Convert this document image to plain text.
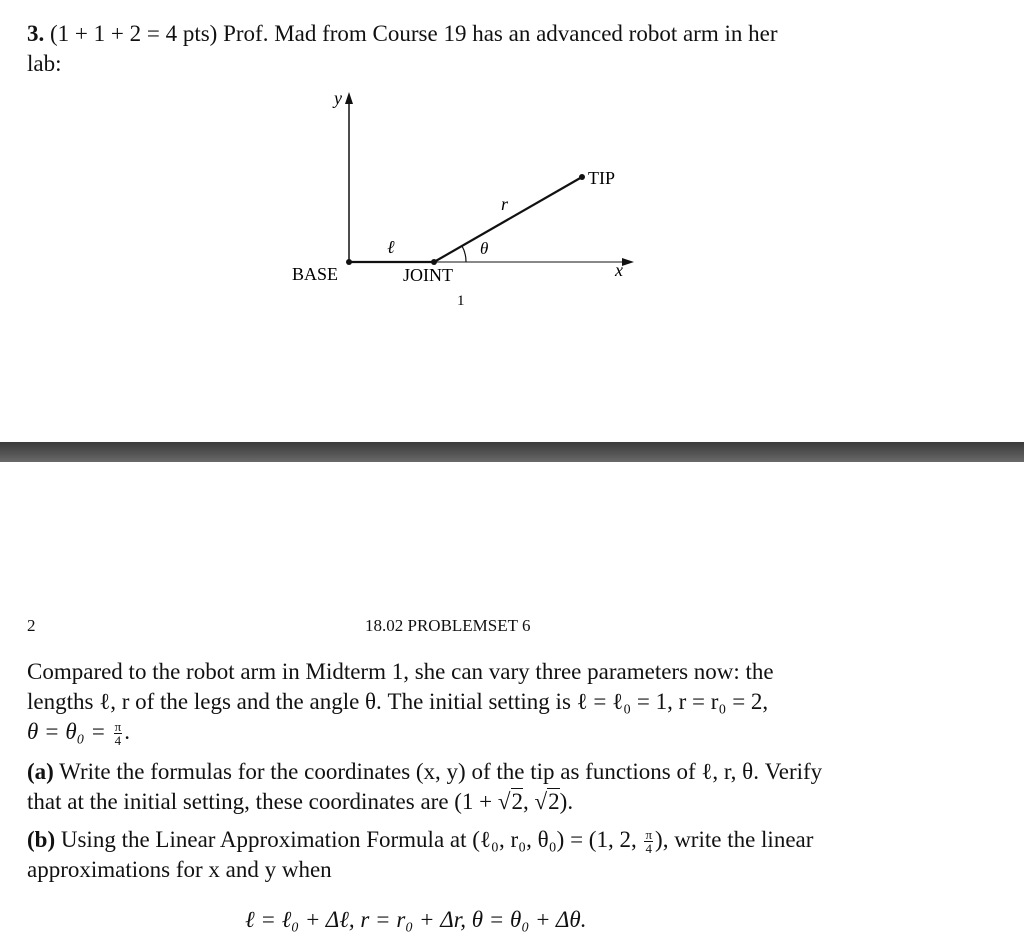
3. (1 + 1 + 2 = 4 pts) Prof. Mad from Course 19 has an advanced robot arm in her
lab:
y
x
BASE	JOINT
1
TIP
ℓ
r
θ
2	18.02 PROBLEMSET 6
Compared to the robot arm in Midterm 1, she can vary three parameters now: the
lengths ℓ, r of the legs and the angle θ. The initial setting is ℓ = ℓ₀ = 1, r = r₀ = 2,
$\theta = \theta_0 = \frac{\pi}{4}$ .
(a) Write the formulas for the coordinates (x, y) of the tip as functions of ℓ, r, θ. Verify
that at the initial setting, these coordinates are (1 + √2, √2).
(b) Using the Linear Approximation Formula at (ℓ₀, r₀, θ₀) = (1, 2, $\frac{\pi}{4}$ ), write the linear
approximations for x and y when
ℓ = ℓ₀ + Δℓ, r = r₀ + Δr, θ = θ₀ + Δθ.
